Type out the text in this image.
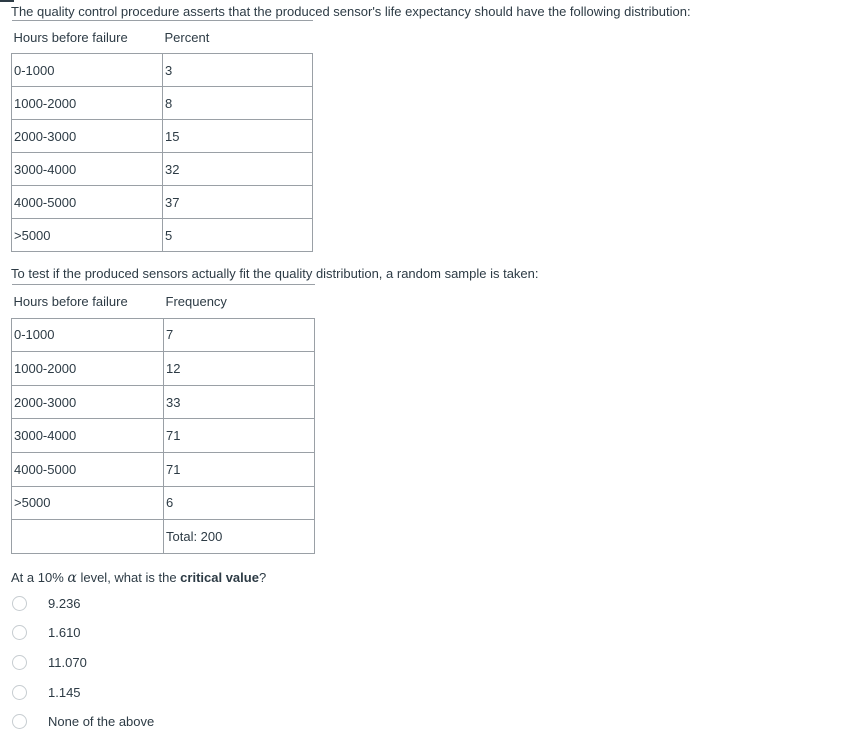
The quality control procedure asserts that the produced sensor's life expectancy should have the following distribution:
Hours before failure	Percent
0-1000	3
1000-2000	8
2000-3000	15
3000-4000	32
4000-5000	37
>5000	5
To test if the produced sensors actually fit the quality distribution, a random sample is taken:
Hours before failure	Frequency
0-1000	7
1000-2000	12
2000-3000	33
3000-4000	71
4000-5000	71
>5000	6
	Total: 200
At a 10% α level, what is the critical value?
9.236
1.610
11.070
1.145
None of the above
